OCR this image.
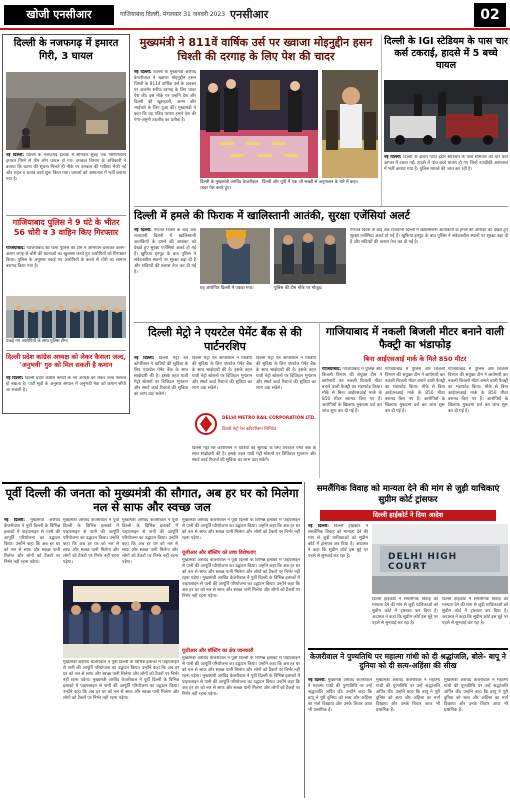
खोजी एनसीआर	गाजियाबाद दिल्ली, मंगलवार 31 जनवरी 2023 एनसीआर	02
दिल्ली के नजफगढ़ में इमारत गिरी, 3 घायल
नई दिल्ली: दिल्ली के नजफगढ़ इलाके में सोमवार सुबह एक निर्माणाधीन इमारत गिरने से तीन लोग घायल हो गए। दमकल विभाग के अधिकारी ने बताया कि घटना की सूचना मिलते ही मौके पर दमकल की गाड़ियां भेजी गईं और राहत व बचाव कार्य शुरू किया गया। घायलों को अस्पताल में भर्ती कराया गया है।
गाजियाबाद पुलिस ने 9 घंटे के भीतर 56 चोरी व 3 वाहिन किए गिरफ्तार
गाजियाबाद: गाजियाबाद की थाना पुलिस की टीम ने अभियान चलाकर अलग-अलग जगह से चोरी की घटनाओं का खुलासा करते हुए आरोपियों को गिरफ्तार किया। पुलिस के अनुसार पकड़े गए आरोपियों के कब्जे से चोरी का सामान बरामद किया गया है।
पकड़े गए आरोपियों के साथ पुलिस टीम।
दिल्ली प्रदेश कांग्रेस अध्यक्ष को लेकर कैसला जल्द, 'अनुभवी' गुरु को मिल सकती है कमान
नई दिल्ली: दिल्ली प्रदेश कांग्रेस कमेटी के नए अध्यक्ष को लेकर जल्द फैसला हो सकता है। पार्टी सूत्रों के अनुसार संगठन में अनुभवी नेता को कमान सौंपी जा सकती है।
मुख्यमंत्री ने 811वें वार्षिक उर्स पर ख्वाजा मोइनुद्दीन हसन चिश्ती की दरगाह के लिए पेश की चादर
नई दिल्ली: दिल्ली के मुख्यमंत्री अरविंद केजरीवाल ने ख्वाजा मोइनुद्दीन हसन चिश्ती के 811वें वार्षिक उर्स के अवसर पर अजमेर शरीफ दरगाह के लिए चादर पेश की। इस मौके पर उन्होंने देश और दिल्ली की खुशहाली, अमन और भाईचारे के लिए दुआ की। मुख्यमंत्री ने कहा कि यह पवित्र परंपरा हमारे देश की गंगा-जमुनी तहजीब का प्रतीक है।
दिल्ली के मुख्यमंत्री अरविंद केजरीवाल चादर पेश करते हुए।
दिल्ली और यूपी में एक जी सख्ती से अनुपालन के बारे में कहा।
दिल्ली के IGI स्टेडियम के पास चार कर्स टकराई, हादसे में 5 बच्चे घायल
नई दिल्ली: दिल्ली के इंदिरा गांधी इंडोर स्टेडियम के पास सोमवार को चार कारें आपस में टकरा गईं। हादसे में पांच बच्चे घायल हो गए जिन्हें नजदीकी अस्पताल में भर्ती कराया गया है। पुलिस मामले की जांच कर रही है।
दिल्ली में हमले की फिराक में खालिस्तानी आतंकी, सुरक्षा एजेंसियां अलर्ट
नई दिल्ली: गणतंत्र दिवस के बाद अब राजधानी दिल्ली में खालिस्तानी आतंकियों के हमले की आशंका को देखते हुए सुरक्षा एजेंसियां अलर्ट हो गई हैं। खुफिया इनपुट के बाद पुलिस ने संवेदनशील स्थानों पर सुरक्षा बढ़ा दी है और संदिग्धों की तलाश तेज कर दी गई है।
यह आरोपित दिल्ली में पकड़ा गया।	पुलिस की टीम मौके पर मौजूद।
गणतंत्र दिवस के बाद अब राजधानी दिल्ली में खालिस्तानी आतंकियों के हमले की आशंका को देखते हुए सुरक्षा एजेंसियां अलर्ट हो गई हैं। खुफिया इनपुट के बाद पुलिस ने संवेदनशील स्थानों पर सुरक्षा बढ़ा दी है और संदिग्धों की तलाश तेज कर दी गई है।
दिल्ली मेट्रो ने एयरटेल पेमेंट बैंक से की पार्टनरशिप
नई दिल्ली: दिल्ली मेट्रो रेल कॉर्पोरेशन ने यात्रियों की सुविधा के लिए एयरटेल पेमेंट बैंक के साथ साझेदारी की है। इसके तहत यात्री मेट्रो स्टेशनों पर डिजिटल भुगतान और स्मार्ट कार्ड रिचार्ज की सुविधा का लाभ उठा सकेंगे।
दिल्ली मेट्रो रेल कॉर्पोरेशन ने यात्रियों की सुविधा के लिए एयरटेल पेमेंट बैंक के साथ साझेदारी की है। इसके तहत यात्री मेट्रो स्टेशनों पर डिजिटल भुगतान और स्मार्ट कार्ड रिचार्ज की सुविधा का लाभ उठा सकेंगे।
दिल्ली मेट्रो रेल कॉर्पोरेशन ने यात्रियों की सुविधा के लिए एयरटेल पेमेंट बैंक के साथ साझेदारी की है। इसके तहत यात्री मेट्रो स्टेशनों पर डिजिटल भुगतान और स्मार्ट कार्ड रिचार्ज की सुविधा का लाभ उठा सकेंगे।
DELHI METRO RAIL CORPORATION LTD.
दिल्ली मेट्रो रेल कॉरपोरेशन लिमिटेड
दिल्ली मेट्रो रेल कॉर्पोरेशन ने यात्रियों की सुविधा के लिए एयरटेल पेमेंट बैंक के साथ साझेदारी की है। इसके तहत यात्री मेट्रो स्टेशनों पर डिजिटल भुगतान और स्मार्ट कार्ड रिचार्ज की सुविधा का लाभ उठा सकेंगे।
गाजियाबाद में नकली बिजली मीटर बनाने वाली फैक्ट्री का भंडाफोड़
बिना आईएसआई मार्क के मिले 850 मीटर
गाजियाबाद: गाजियाबाद में पुलिस और बिजली विभाग की संयुक्त टीम ने छापेमारी कर नकली बिजली मीटर बनाने वाली फैक्ट्री का भंडाफोड़ किया। मौके से बिना आईएसआई मार्क के 850 मीटर बरामद किए गए हैं। आरोपियों के खिलाफ मुकदमा दर्ज कर जांच शुरू कर दी गई है।
गाजियाबाद में पुलिस और बिजली विभाग की संयुक्त टीम ने छापेमारी कर नकली बिजली मीटर बनाने वाली फैक्ट्री का भंडाफोड़ किया। मौके से बिना आईएसआई मार्क के 850 मीटर बरामद किए गए हैं। आरोपियों के खिलाफ मुकदमा दर्ज कर जांच शुरू कर दी गई है।
गाजियाबाद में पुलिस और बिजली विभाग की संयुक्त टीम ने छापेमारी कर नकली बिजली मीटर बनाने वाली फैक्ट्री का भंडाफोड़ किया। मौके से बिना आईएसआई मार्क के 850 मीटर बरामद किए गए हैं। आरोपियों के खिलाफ मुकदमा दर्ज कर जांच शुरू कर दी गई है।
पूर्वी दिल्ली की जनता को मुख्यमंत्री की सौगात, अब हर घर को मिलेगा नल से साफ और स्वच्छ जल
नई दिल्ली: मुख्यमंत्री अरविंद केजरीवाल ने पूर्वी दिल्ली के विभिन्न इलाकों में पाइपलाइन से पानी की आपूर्ति परियोजना का उद्घाटन किया। उन्होंने कहा कि अब हर घर को नल से साफ और स्वच्छ पानी मिलेगा और लोगों को टैंकरों पर निर्भर नहीं रहना पड़ेगा।
मुख्यमंत्री अरविंद केजरीवाल ने पूर्वी दिल्ली के विभिन्न इलाकों में पाइपलाइन से पानी की आपूर्ति परियोजना का उद्घाटन किया। उन्होंने कहा कि अब हर घर को नल से साफ और स्वच्छ पानी मिलेगा और लोगों को टैंकरों पर निर्भर नहीं रहना पड़ेगा।
मुख्यमंत्री अरविंद केजरीवाल ने पूर्वी दिल्ली के विभिन्न इलाकों में पाइपलाइन से पानी की आपूर्ति परियोजना का उद्घाटन किया। उन्होंने कहा कि अब हर घर को नल से साफ और स्वच्छ पानी मिलेगा और लोगों को टैंकरों पर निर्भर नहीं रहना पड़ेगा। मुख्यमंत्री अरविंद केजरीवाल ने पूर्वी दिल्ली के विभिन्न इलाकों में पाइपलाइन से पानी की आपूर्ति परियोजना का उद्घाटन किया। उन्होंने कहा कि अब हर घर को नल से साफ और स्वच्छ पानी मिलेगा और लोगों को टैंकरों पर निर्भर नहीं रहना पड़ेगा।
मुख्यमंत्री अरविंद केजरीवाल ने पूर्वी दिल्ली के विभिन्न इलाकों में पाइपलाइन से पानी की आपूर्ति परियोजना का उद्घाटन किया। उन्होंने कहा कि अब हर घर को नल से साफ और स्वच्छ पानी मिलेगा और लोगों को टैंकरों पर निर्भर नहीं रहना पड़ेगा।
मुख्यमंत्री अरविंद केजरीवाल ने पूर्वी दिल्ली के विभिन्न इलाकों में पाइपलाइन से पानी की आपूर्ति परियोजना का उद्घाटन किया। उन्होंने कहा कि अब हर घर को नल से साफ और स्वच्छ पानी मिलेगा और लोगों को टैंकरों पर निर्भर नहीं रहना पड़ेगा।
यूजीआर और बॉस्टिंग को उच्च विशेषताएं
मुख्यमंत्री अरविंद केजरीवाल ने पूर्वी दिल्ली के विभिन्न इलाकों में पाइपलाइन से पानी की आपूर्ति परियोजना का उद्घाटन किया। उन्होंने कहा कि अब हर घर को नल से साफ और स्वच्छ पानी मिलेगा और लोगों को टैंकरों पर निर्भर नहीं रहना पड़ेगा। मुख्यमंत्री अरविंद केजरीवाल ने पूर्वी दिल्ली के विभिन्न इलाकों में पाइपलाइन से पानी की आपूर्ति परियोजना का उद्घाटन किया। उन्होंने कहा कि अब हर घर को नल से साफ और स्वच्छ पानी मिलेगा और लोगों को टैंकरों पर निर्भर नहीं रहना पड़ेगा।
यूजीआर और बॉस्टिंग का क्षेत्र जानकारी
मुख्यमंत्री अरविंद केजरीवाल ने पूर्वी दिल्ली के विभिन्न इलाकों में पाइपलाइन से पानी की आपूर्ति परियोजना का उद्घाटन किया। उन्होंने कहा कि अब हर घर को नल से साफ और स्वच्छ पानी मिलेगा और लोगों को टैंकरों पर निर्भर नहीं रहना पड़ेगा। मुख्यमंत्री अरविंद केजरीवाल ने पूर्वी दिल्ली के विभिन्न इलाकों में पाइपलाइन से पानी की आपूर्ति परियोजना का उद्घाटन किया। उन्होंने कहा कि अब हर घर को नल से साफ और स्वच्छ पानी मिलेगा और लोगों को टैंकरों पर निर्भर नहीं रहना पड़ेगा।
समलैंगिक विवाह को मान्यता देने की मांग से जुड़ी याचिकाएं सुप्रीम कोर्ट ट्रांसफर
दिल्ली हाईकोर्ट ने दिया आदेश
नई दिल्ली: दिल्ली हाईकोर्ट ने समलैंगिक विवाह को मान्यता देने की मांग से जुड़ी याचिकाओं को सुप्रीम कोर्ट में ट्रांसफर कर दिया है। अदालत ने कहा कि सुप्रीम कोर्ट इस मुद्दे पर पहले से सुनवाई कर रहा है।	DELHI HIGH COURT
दिल्ली हाईकोर्ट ने समलैंगिक विवाह को मान्यता देने की मांग से जुड़ी याचिकाओं को सुप्रीम कोर्ट में ट्रांसफर कर दिया है। अदालत ने कहा कि सुप्रीम कोर्ट इस मुद्दे पर पहले से सुनवाई कर रहा है।
दिल्ली हाईकोर्ट ने समलैंगिक विवाह को मान्यता देने की मांग से जुड़ी याचिकाओं को सुप्रीम कोर्ट में ट्रांसफर कर दिया है। अदालत ने कहा कि सुप्रीम कोर्ट इस मुद्दे पर पहले से सुनवाई कर रहा है।
केजरीवाल ने पुण्यतिथि पर महात्मा गांधी को दी श्रद्धांजलि, बोले- बापू ने दुनिया को दी सत्य-अहिंसा की सीख
नई दिल्ली: मुख्यमंत्री अरविंद केजरीवाल ने महात्मा गांधी की पुण्यतिथि पर उन्हें श्रद्धांजलि अर्पित की। उन्होंने कहा कि बापू ने पूरी दुनिया को सत्य और अहिंसा का मार्ग दिखाया और उनके विचार आज भी प्रासंगिक हैं।
मुख्यमंत्री अरविंद केजरीवाल ने महात्मा गांधी की पुण्यतिथि पर उन्हें श्रद्धांजलि अर्पित की। उन्होंने कहा कि बापू ने पूरी दुनिया को सत्य और अहिंसा का मार्ग दिखाया और उनके विचार आज भी प्रासंगिक हैं।
मुख्यमंत्री अरविंद केजरीवाल ने महात्मा गांधी की पुण्यतिथि पर उन्हें श्रद्धांजलि अर्पित की। उन्होंने कहा कि बापू ने पूरी दुनिया को सत्य और अहिंसा का मार्ग दिखाया और उनके विचार आज भी प्रासंगिक हैं।
